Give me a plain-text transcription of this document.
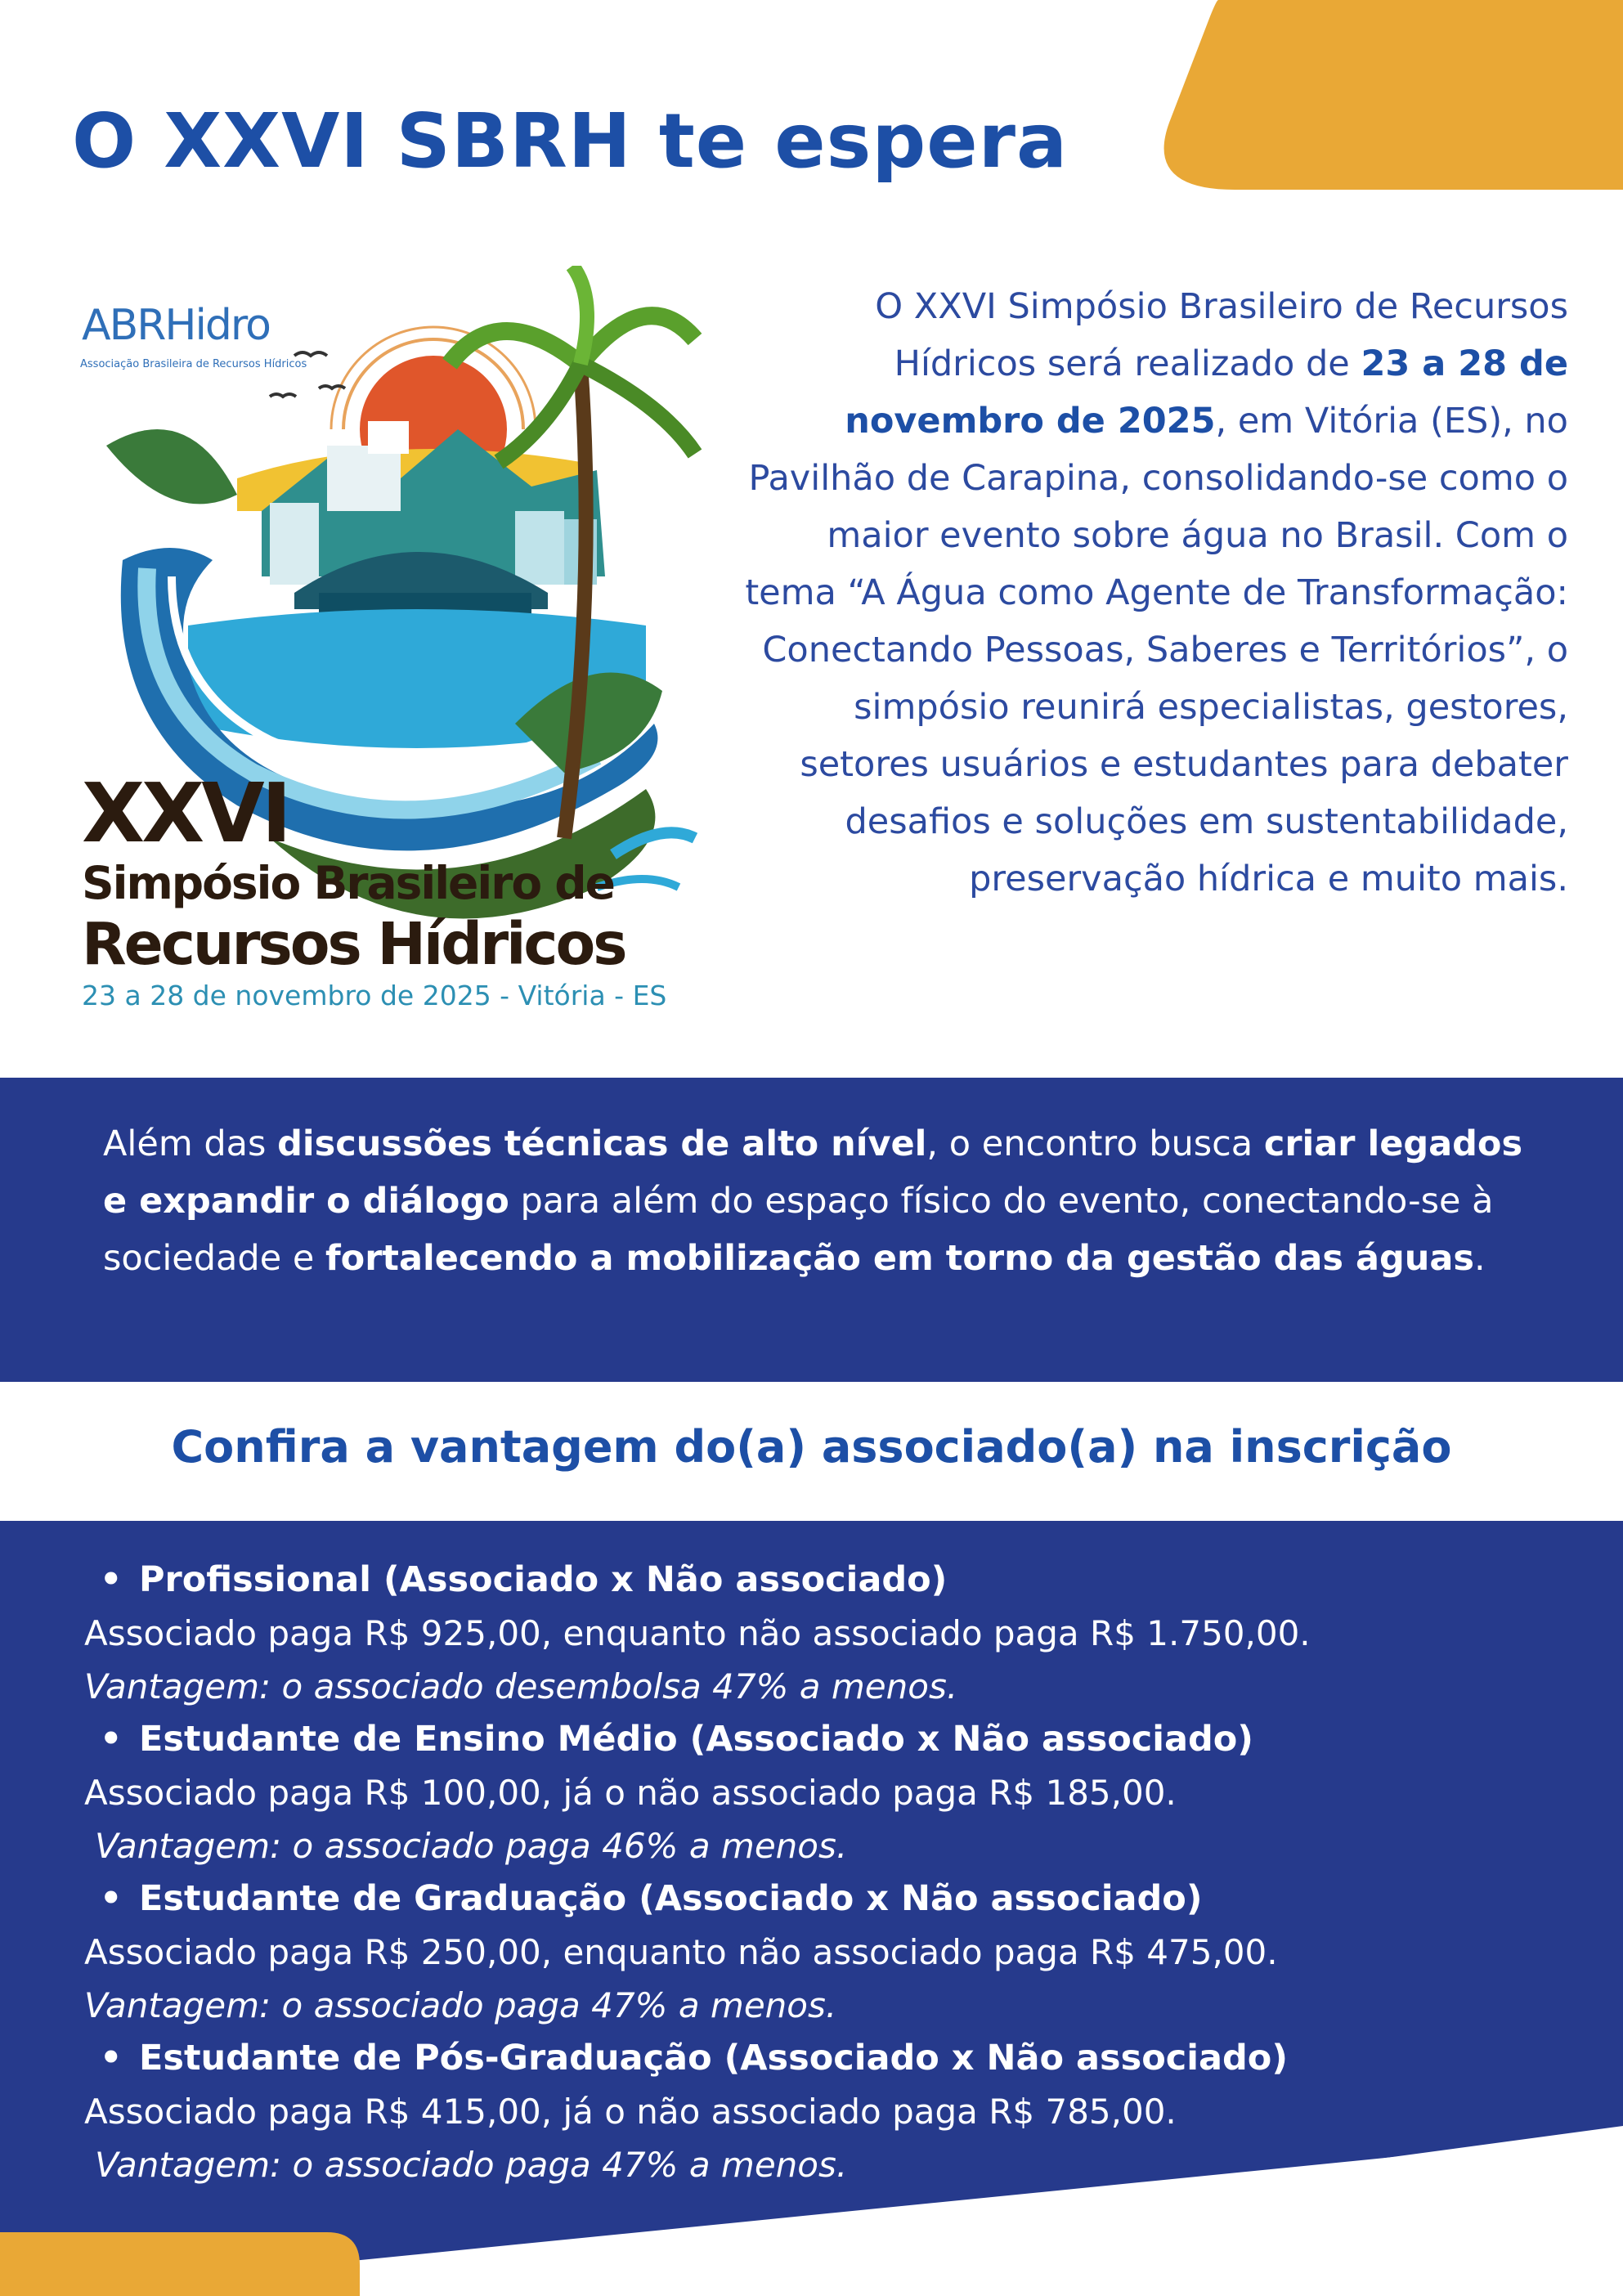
O XXVI SBRH te espera
ABRHidro
Associação Brasileira de Recursos Hídricos
XXVI
Simpósio Brasileiro de
Recursos Hídricos
23 a 28 de novembro de 2025 - Vitória - ES

O XXVI Simpósio Brasileiro de Recursos Hídricos será realizado de 23 a 28 de novembro de 2025, em Vitória (ES), no Pavilhão de Carapina, consolidando-se como o maior evento sobre água no Brasil. Com o tema “A Água como Agente de Transformação: Conectando Pessoas, Saberes e Territórios”, o simpósio reunirá especialistas, gestores, setores usuários e estudantes para debater desafios e soluções em sustentabilidade, preservação hídrica e muito mais.

Além das discussões técnicas de alto nível, o encontro busca criar legados e expandir o diálogo para além do espaço físico do evento, conectando-se à sociedade e fortalecendo a mobilização em torno da gestão das águas.

Confira a vantagem do(a) associado(a) na inscrição

• Profissional (Associado x Não associado)

Associado paga R$ 925,00, enquanto não associado paga R$ 1.750,00.

Vantagem: o associado desembolsa 47% a menos.

• Estudante de Ensino Médio (Associado x Não associado)

Associado paga R$ 100,00, já o não associado paga R$ 185,00.

Vantagem: o associado paga 46% a menos.

• Estudante de Graduação (Associado x Não associado)

Associado paga R$ 250,00, enquanto não associado paga R$ 475,00.

Vantagem: o associado paga 47% a menos.

• Estudante de Pós-Graduação (Associado x Não associado)

Associado paga R$ 415,00, já o não associado paga R$ 785,00.

Vantagem: o associado paga 47% a menos.
